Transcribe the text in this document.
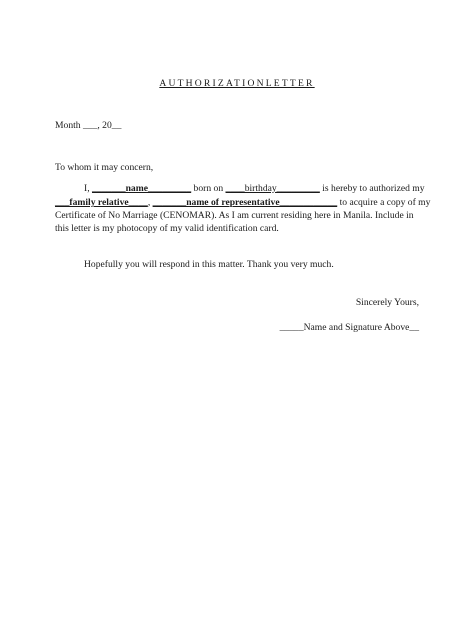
AUTHORIZATIONLETTER
Month ___, 20__
To whom it may concern,
I, _______name_________ born on ____birthday_________ is hereby to authorized my
___family relative____, _______name of representative____________ to acquire a copy of my
Certificate of No Marriage (CENOMAR). As I am current residing here in Manila. Include in
this letter is my photocopy of my valid identification card.
Hopefully you will respond in this matter. Thank you very much.
Sincerely Yours,
_____Name and Signature Above__
